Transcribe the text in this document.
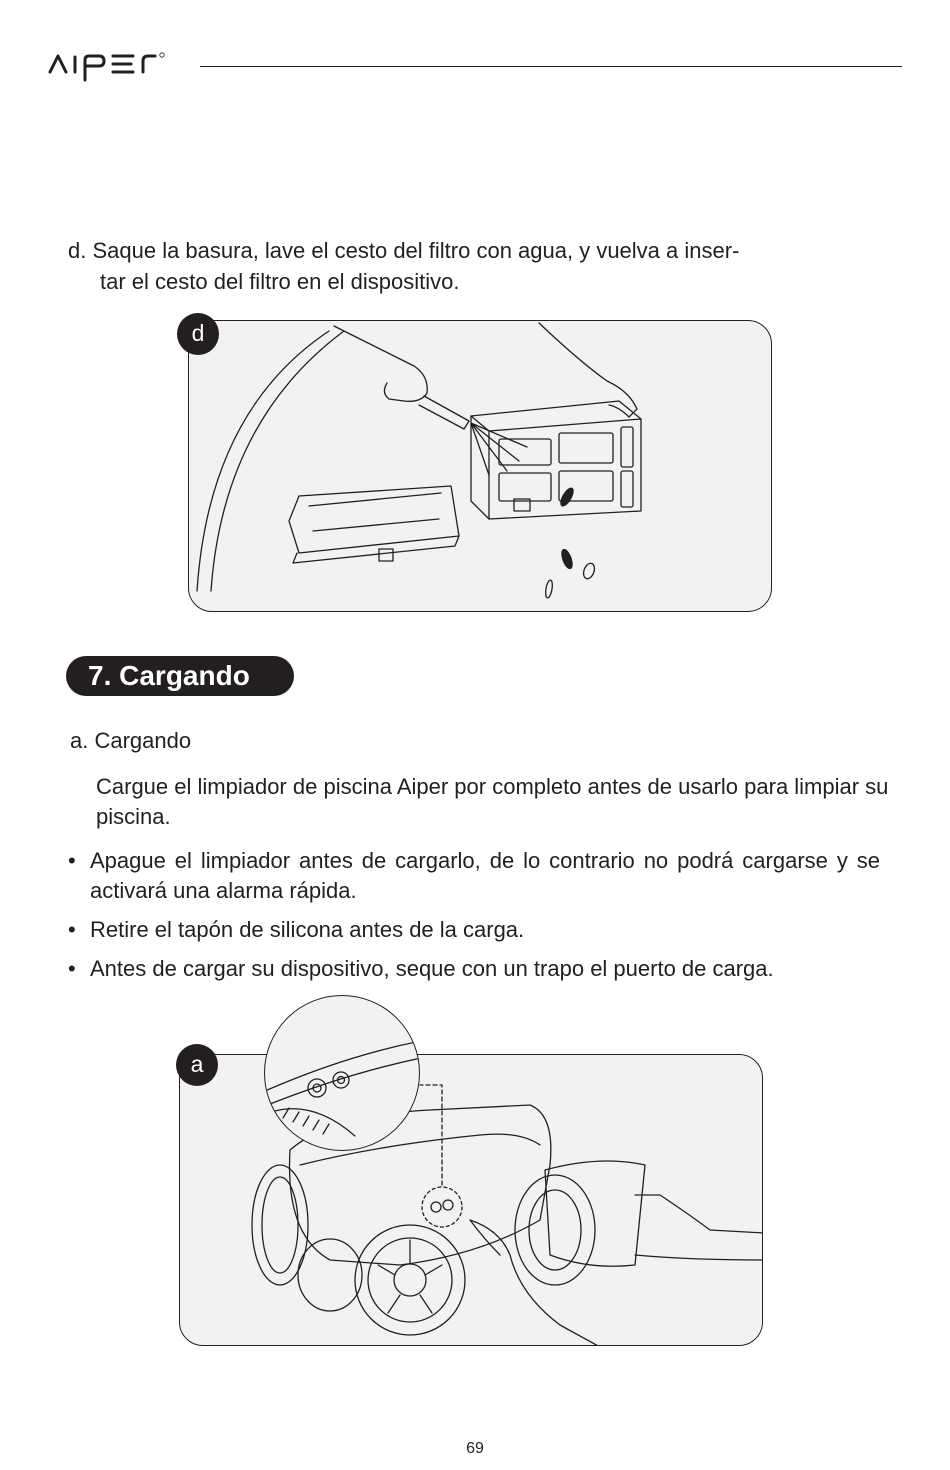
d. Saque la basura, lave el cesto del filtro con agua, y vuelva a inser-
tar el cesto del filtro en el dispositivo.
d
7. Cargando
a. Cargando
Cargue el limpiador de piscina Aiper por completo antes de usarlo para limpiar su piscina.
• Apague el limpiador antes de cargarlo, de lo contrario no podrá cargarse y se activará una alarma rápida.
• Retire el tapón de silicona antes de la carga.
• Antes de cargar su dispositivo, seque con un trapo el puerto de carga.
a
69
